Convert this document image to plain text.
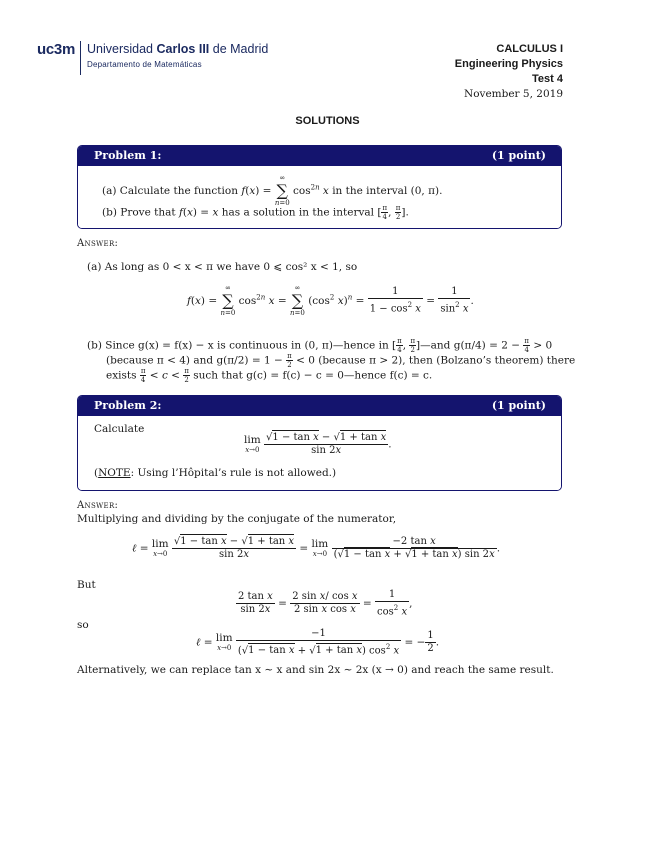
uc3m Universidad Carlos III de Madrid
Departamento de Matemáticas
CALCULUS I
Engineering Physics
Test 4
November 5, 2019
SOLUTIONS
Problem 1:	(1 point)
(a) Calculate the function f(x) =
∞
∑
n=0
$\cos^{2n} x$ in the interval (0, π).
(b) Prove that f(x) = x has a solution in the interval [ $\frac{\pi}{4}$ , $\frac{\pi}{2}$ ].
Answer:
(a) As long as 0 < x < π we have 0 ⩽ cos² x < 1, so
f(x) =
∞
∑
n=0
$\cos^{2n} x$ =
∞
∑
n=0
($\cos^2$ $x)^n = \frac{1}{1 - \cos^2 x} = \frac{1}{\sin^2 x}$ .
(b) Since g(x) = f(x) − x is continuous in (0, π)—hence in [ $\frac{\pi}{4}$ , $\frac{\pi}{2}$ ]—and $g(\pi/4) = 2 - \frac{\pi}{4} > 0$
(because π < 4) and $g(\pi/2) = 1 - \frac{\pi}{2} < 0$ (because π > 2), then (Bolzano’s theorem) there
exists $\frac{\pi}{4} < c < \frac{\pi}{2}$ such that g(c) = f(c) − c = 0—hence f(c) = c.
Problem 2:	(1 point)
Calculate
lim
x→0
$\frac{\text{√1 − tan x − √1 + tan x}}{\sin 2x}$ .
(NOTE: Using l’Hôpital’s rule is not allowed.)
Answer:
Multiplying and dividing by the conjugate of the numerator,
ℓ = lim
x→0
$\frac{\text{√1 − tan x − √1 + tan x}}{\sin 2x} = \lim$
x→0
$\frac{\text{−2 tan x}}{\text{(√1 − tan x + √1 + tan x) sin 2x}}$ .
But
$\frac{\text{2 tan x}}{\sin 2x} = \frac{\text{2 sin x/ cos x}}{\text{2 sin x cos x}} = \frac{1}{\cos^2 x}$ ,
so
ℓ = lim
x→0
$\frac{-1}{(√1 - \tan x + √1 + \tan x) \cos^2 x}$ = − $\frac{1}{2}$ .
Alternatively, we can replace tan x ∼ x and sin 2x ∼ 2x (x → 0) and reach the same result.
